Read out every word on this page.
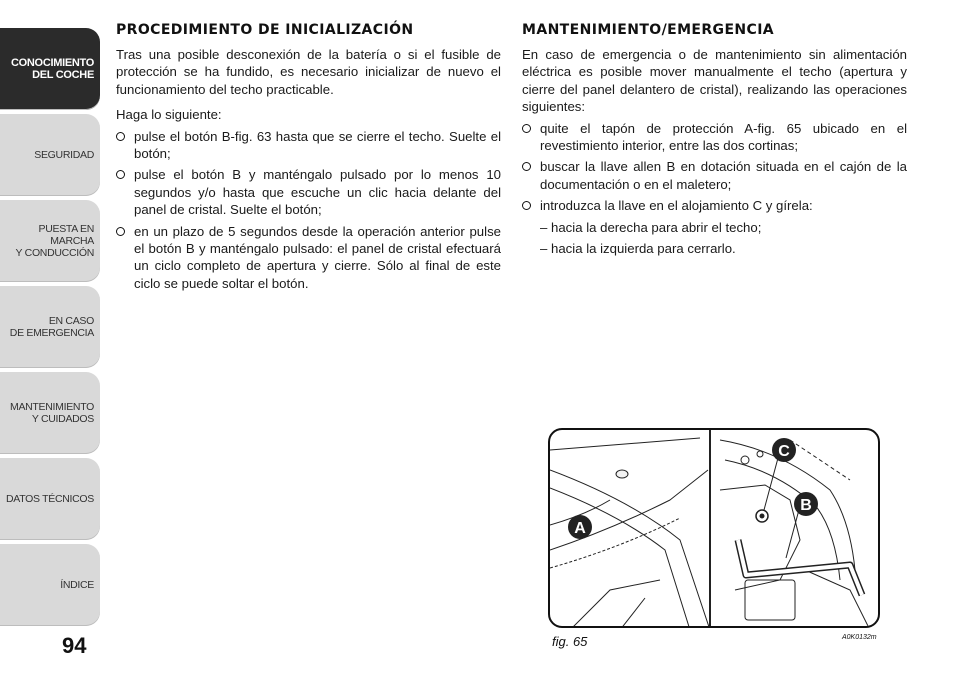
CONOCIMIENTO
DEL COCHE
SEGURIDAD
PUESTA EN MARCHA
Y CONDUCCIÓN
EN CASO
DE EMERGENCIA
MANTENIMIENTO
Y CUIDADOS
DATOS TÉCNICOS
ÍNDICE
94
PROCEDIMIENTO DE INICIALIZACIÓN

Tras una posible desconexión de la batería o si el fusible de protección se ha fundido, es necesario inicializar de nuevo el funcionamiento del techo practicable.

Haga lo siguiente:

pulse el botón B-fig. 63 hasta que se cierre el techo. Suelte el botón;
pulse el botón B y manténgalo pulsado por lo menos 10 segundos y/o hasta que escuche un clic hacia delante del panel de cristal. Suelte el botón;
en un plazo de 5 segundos desde la operación anterior pulse el botón B y manténgalo pulsado: el panel de cristal efectuará un ciclo completo de apertura y cierre. Sólo al final de este ciclo se puede soltar el botón.
MANTENIMIENTO/EMERGENCIA

En caso de emergencia o de mantenimiento sin alimentación eléctrica es posible mover manualmente el techo (apertura y cierre del panel delantero de cristal), realizando las operaciones siguientes:

quite el tapón de protección A-fig. 65 ubicado en el revestimiento interior, entre las dos cortinas;
buscar la llave allen B en dotación situada en el cajón de la documentación o en el maletero;
introduzca la llave en el alojamiento C y gírela:
– hacia la derecha para abrir el techo;
– hacia la izquierda para cerrarlo.
A
C
B
fig. 65	A0K0132m
